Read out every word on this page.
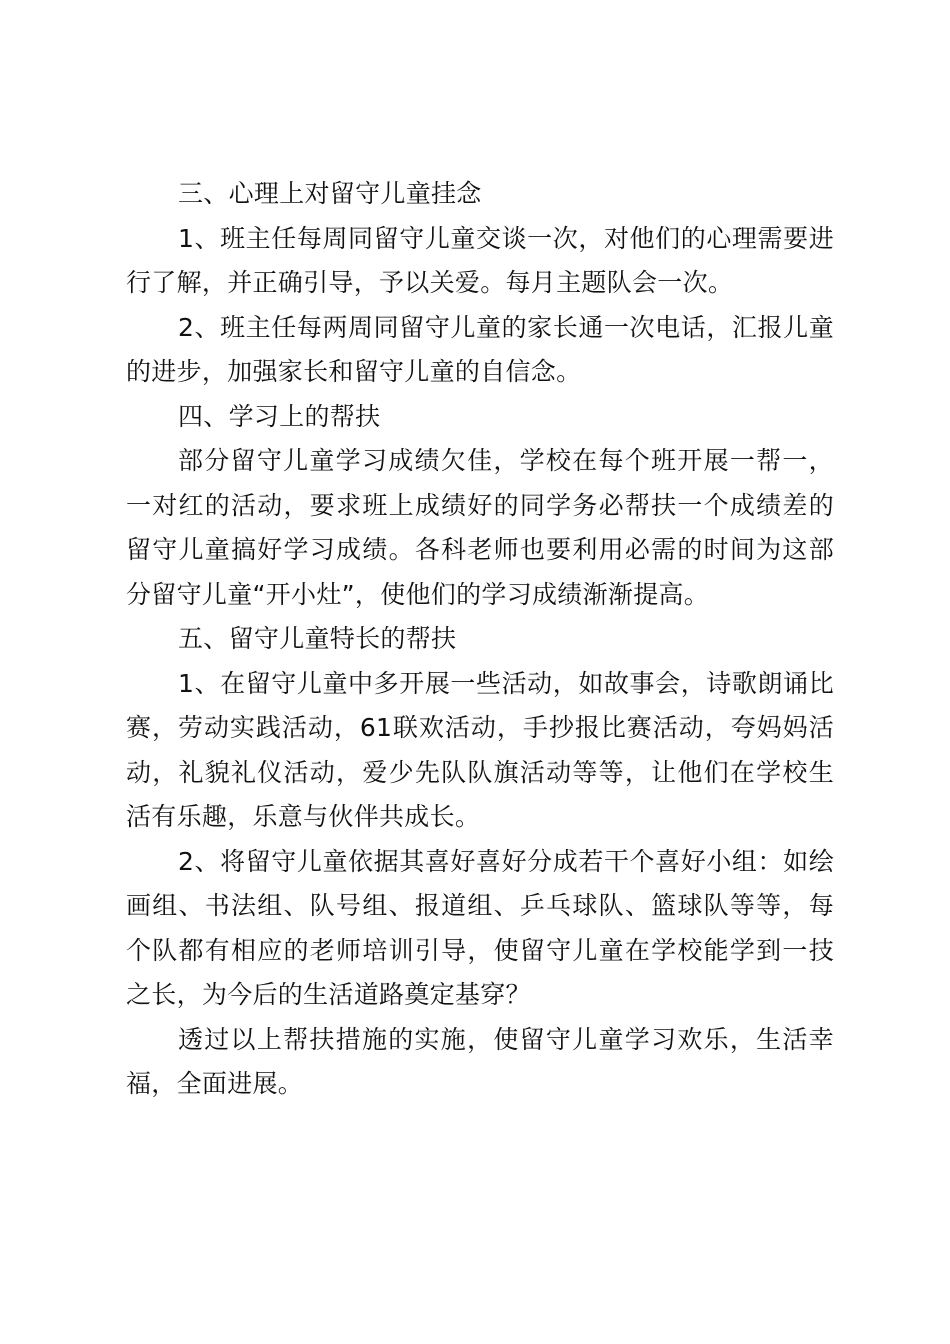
三、心理上对留守儿童挂念

1、班主任每周同留守儿童交谈一次，对他们的心理需要进行了解，并正确引导，予以关爱。每月主题队会一次。

2、班主任每两周同留守儿童的家长通一次电话，汇报儿童的进步，加强家长和留守儿童的自信念。

四、学习上的帮扶

部分留守儿童学习成绩欠佳，学校在每个班开展一帮一，一对红的活动，要求班上成绩好的同学务必帮扶一个成绩差的留守儿童搞好学习成绩。各科老师也要利用必需的时间为这部分留守儿童“开小灶”，使他们的学习成绩渐渐提高。

五、留守儿童特长的帮扶

1、在留守儿童中多开展一些活动，如故事会，诗歌朗诵比赛，劳动实践活动，61联欢活动，手抄报比赛活动，夸妈妈活动，礼貌礼仪活动，爱少先队队旗活动等等，让他们在学校生活有乐趣，乐意与伙伴共成长。

2、将留守儿童依据其喜好喜好分成若干个喜好小组：如绘画组、书法组、队号组、报道组、乒乓球队、篮球队等等，每个队都有相应的老师培训引导，使留守儿童在学校能学到一技之长，为今后的生活道路奠定基穿？

透过以上帮扶措施的实施，使留守儿童学习欢乐，生活幸福，全面进展。
